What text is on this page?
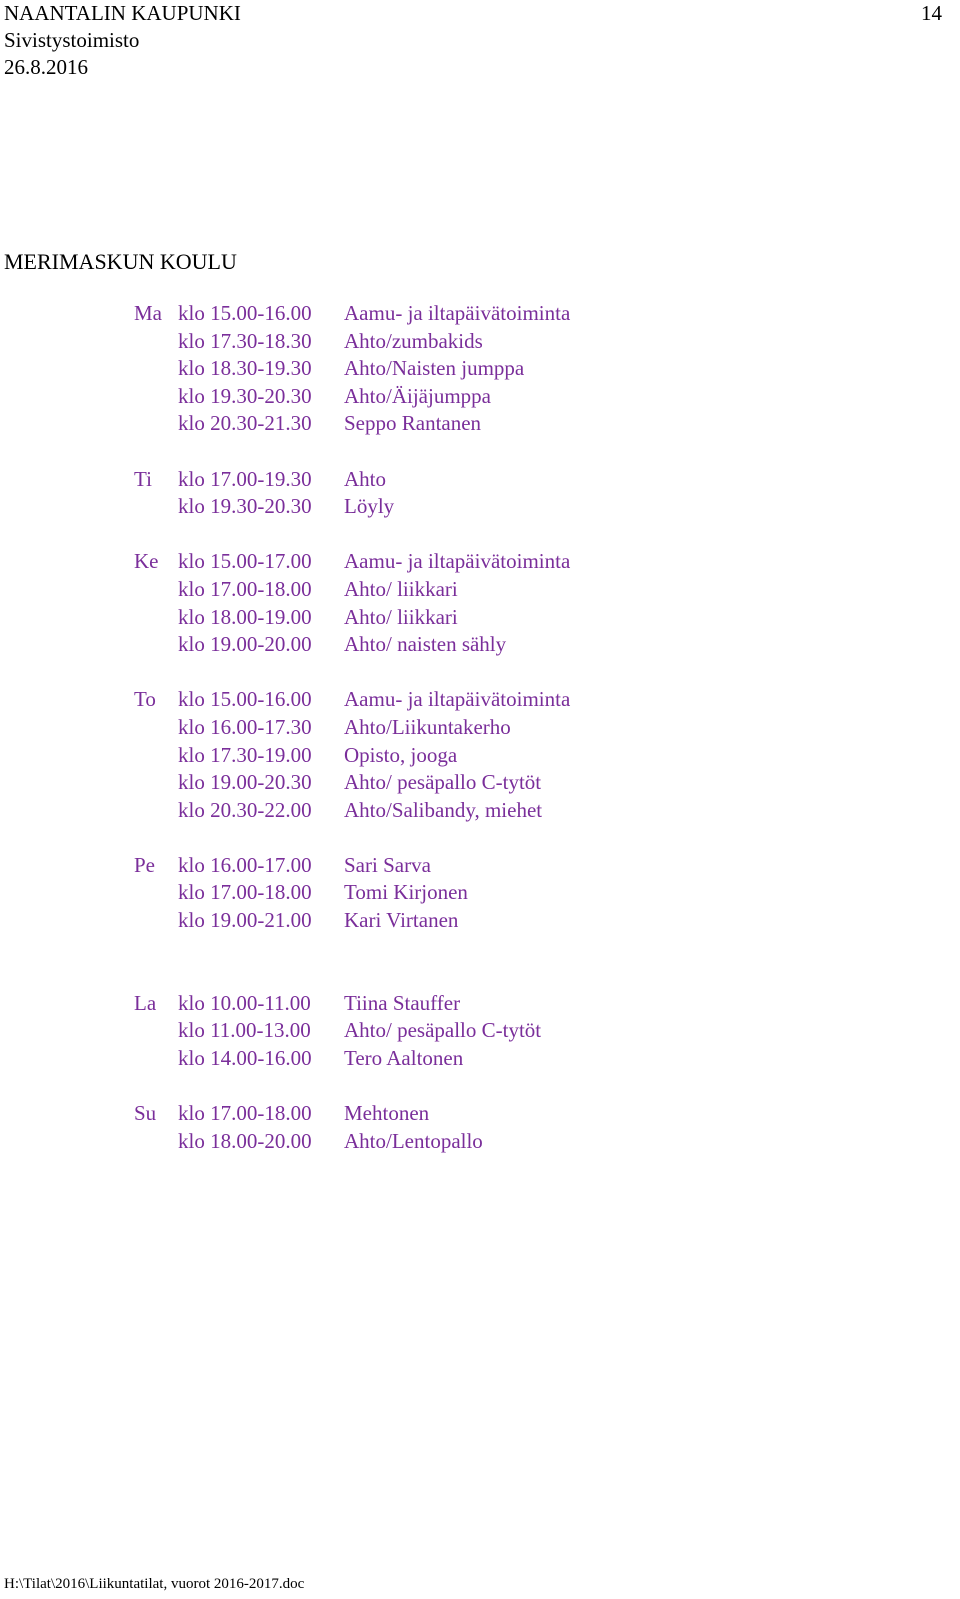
NAANTALIN KAUPUNKI	14
Sivistystoimisto
26.8.2016
MERIMASKUN KOULU
Ma klo 15.00-16.00	Aamu- ja iltapäivätoiminta
klo 17.30-18.30	Ahto/zumbakids
klo 18.30-19.30	Ahto/Naisten jumppa
klo 19.30-20.30	Ahto/Äijäjumppa
klo 20.30-21.30	Seppo Rantanen
Ti	klo 17.00-19.30	Ahto
klo 19.30-20.30	Löyly
Ke klo 15.00-17.00	Aamu- ja iltapäivätoiminta
klo 17.00-18.00	Ahto/ liikkari
klo 18.00-19.00	Ahto/ liikkari
klo 19.00-20.00	Ahto/ naisten sähly
To	klo 15.00-16.00	Aamu- ja iltapäivätoiminta
klo 16.00-17.30	Ahto/Liikuntakerho
klo 17.30-19.00	Opisto, jooga
klo 19.00-20.30	Ahto/ pesäpallo C-tytöt
klo 20.30-22.00	Ahto/Salibandy, miehet
Pe	klo 16.00-17.00	Sari Sarva
klo 17.00-18.00	Tomi Kirjonen
klo 19.00-21.00	Kari Virtanen
La	klo 10.00-11.00	Tiina Stauffer
klo 11.00-13.00	Ahto/ pesäpallo C-tytöt
klo 14.00-16.00	Tero Aaltonen
Su	klo 17.00-18.00	Mehtonen
klo 18.00-20.00	Ahto/Lentopallo
H:\Tilat\2016\Liikuntatilat, vuorot 2016-2017.doc
